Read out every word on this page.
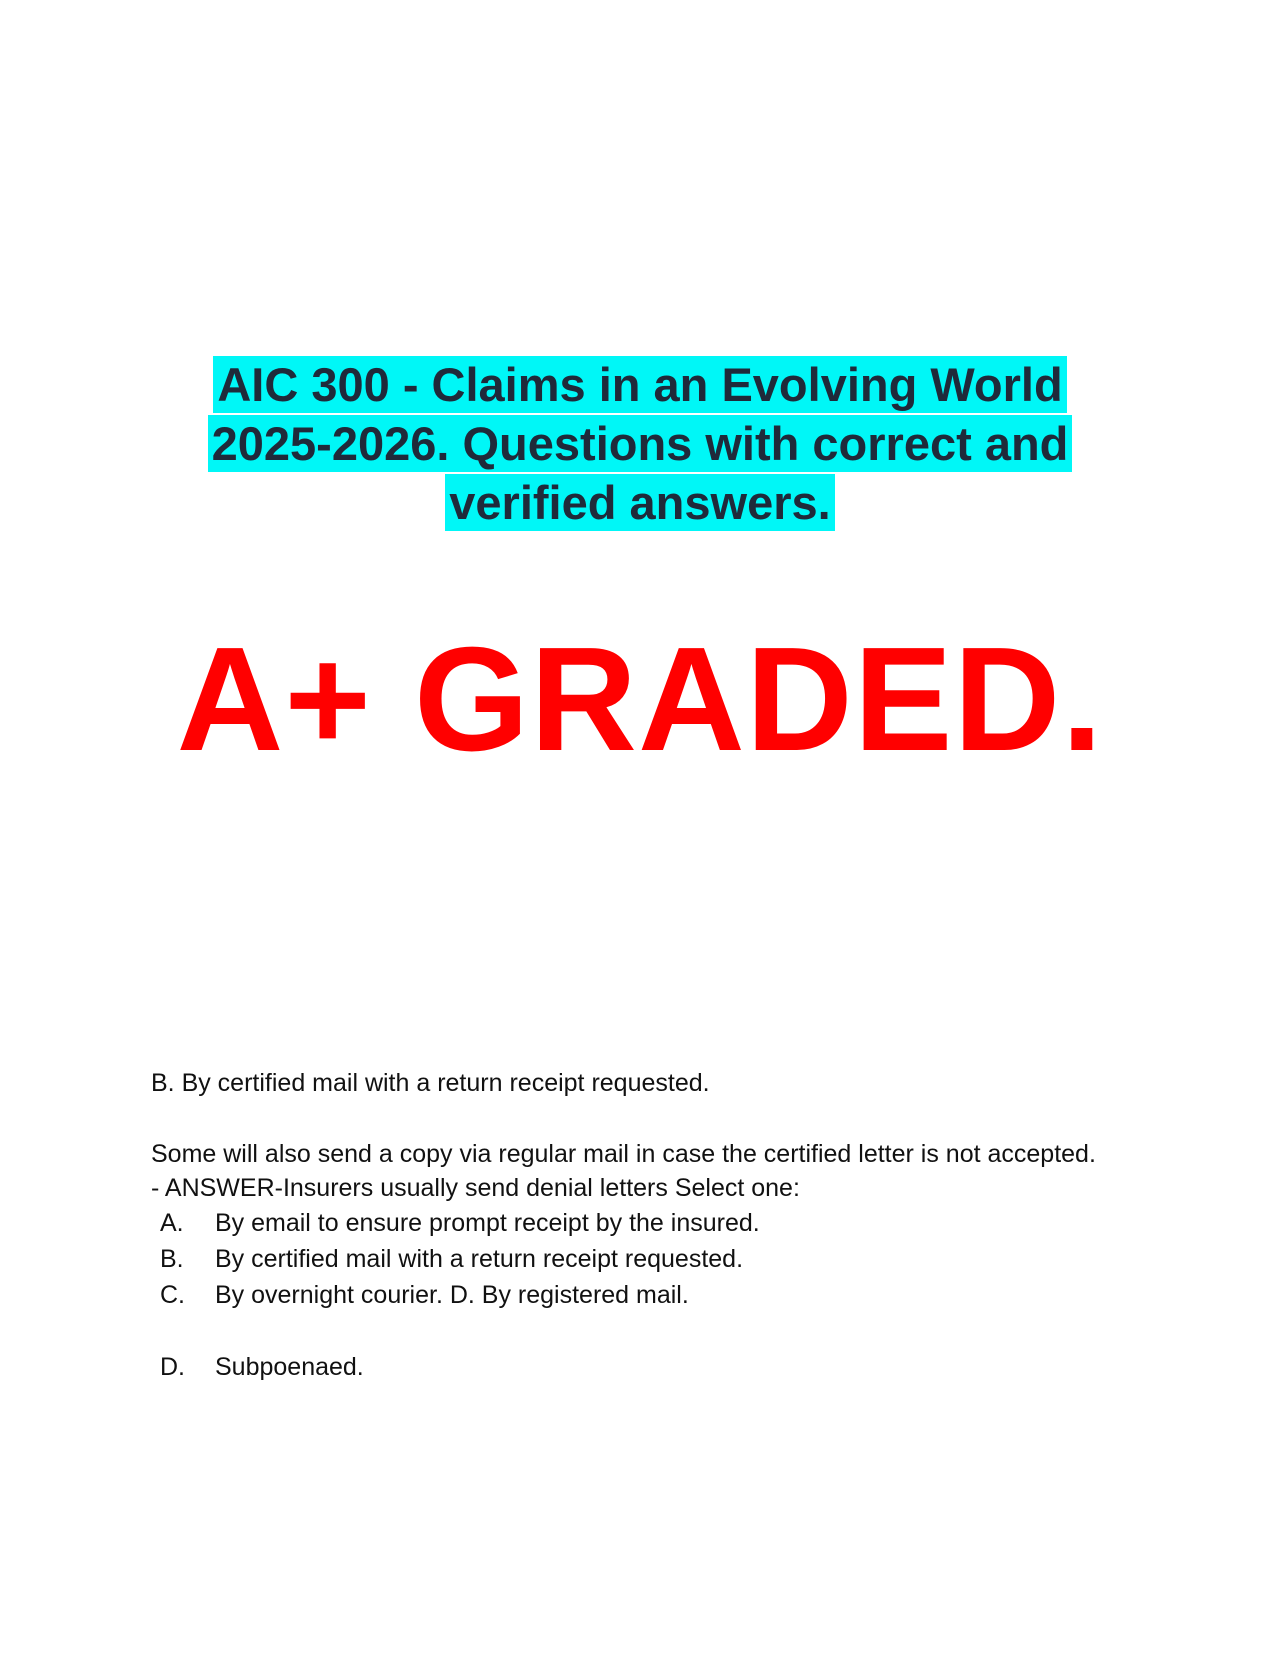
AIC 300 - Claims in an Evolving World
2025-2026. Questions with correct and
verified answers.
A+ GRADED.
B. By certified mail with a return receipt requested.
Some will also send a copy via regular mail in case the certified letter is not accepted. - ANSWER-Insurers usually send denial letters Select one:
A.	By email to ensure prompt receipt by the insured.
B.	By certified mail with a return receipt requested.
C.	By overnight courier. D. By registered mail.
D.	Subpoenaed.
